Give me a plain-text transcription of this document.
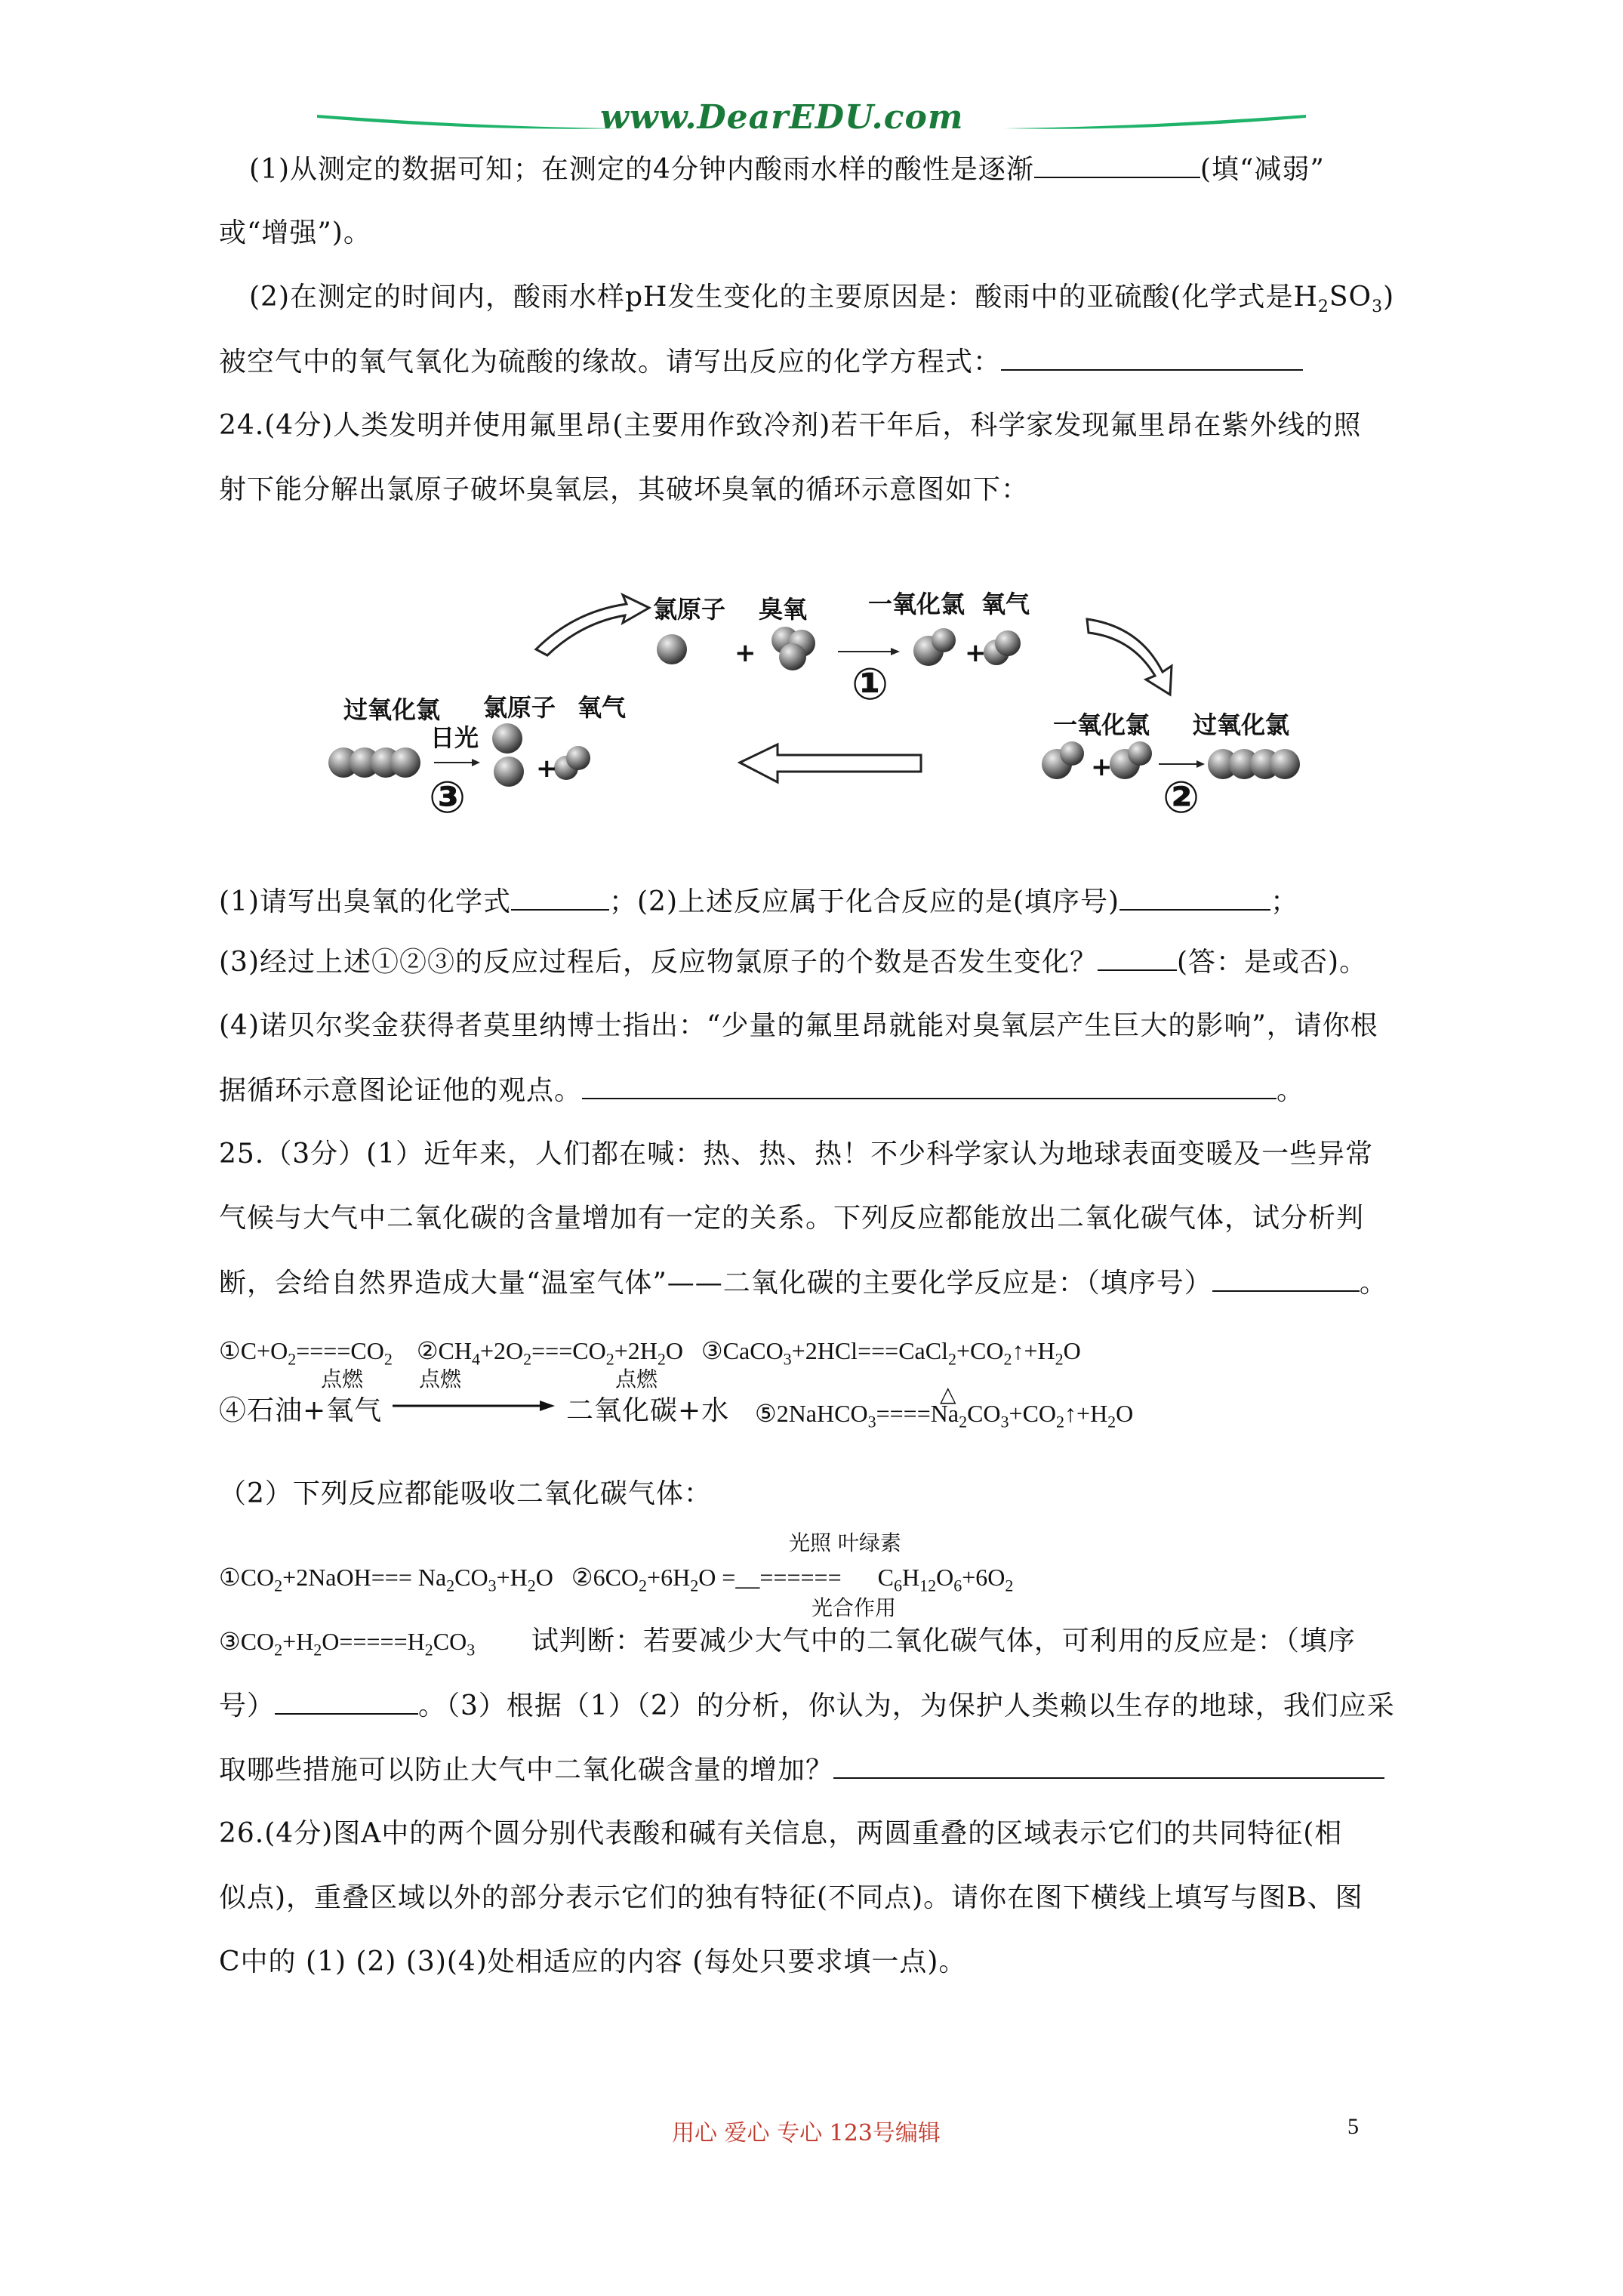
www.DearEDU.com
(1)从测定的数据可知；在测定的4分钟内酸雨水样的酸性是逐渐	(填“减弱”
或“增强”)。
(2)在测定的时间内，酸雨水样pH发生变化的主要原因是：酸雨中的亚硫酸(化学式是$H_2SO_3$)
被空气中的氧气氧化为硫酸的缘故。请写出反应的化学方程式：
24.(4分)人类发明并使用氟里昂(主要用作致冷剂)若干年后，科学家发现氟里昂在紫外线的照
射下能分解出氯原子破坏臭氧层，其破坏臭氧的循环示意图如下：
氯原子 臭氧	一氧化氯 氧气
+	+
①
过氧化氯 氯原子 氧气
日光
+
③
一氧化氯 过氧化氯
+
②
(1)请写出臭氧的化学式	；(2)上述反应属于化合反应的是(填序号)	；
(3)经过上述①②③的反应过程后，反应物氯原子的个数是否发生变化？	(答：是或否)。
(4)诺贝尔奖金获得者莫里纳博士指出：“少量的氟里昂就能对臭氧层产生巨大的影响”，请你根
据循环示意图论证他的观点。	。
25.（3分）(1）近年来，人们都在喊：热、热、热！不少科学家认为地球表面变暖及一些异常
气候与大气中二氧化碳的含量增加有一定的关系。下列反应都能放出二氧化碳气体，试分析判
断，会给自然界造成大量“温室气体”——二氧化碳的主要化学反应是：（填序号）	。
$①C+O_2====CO_2$ $②CH_4+2O_2===CO_2+2H_2O$ $③CaCO_3+2HCl===CaCl_2+CO_2↑+H_2O$
点燃	点燃	点燃
④石油+氧气	二氧化碳+水 $⑤2NaHCO_3====Na_2CO_3+CO_2↑+H_2O$
△
（2）下列反应都能吸收二氧化碳气体：
光照 叶绿素
$①CO_2+2NaOH=== Na_2CO_3+H_2O$ $②6CO_2+6H_2O$ =__====== $C_6H_{12}O_6+6O_2$
光合作用
$③CO_2+H_2O=====H_2CO_3$ 试判断：若要减少大气中的二氧化碳气体，可利用的反应是：（填序
号）	。（3）根据（1）（2）的分析，你认为，为保护人类赖以生存的地球，我们应采
取哪些措施可以防止大气中二氧化碳含量的增加？
26.(4分)图A中的两个圆分别代表酸和碱有关信息，两圆重叠的区域表示它们的共同特征(相
似点)，重叠区域以外的部分表示它们的独有特征(不同点)。请你在图下横线上填写与图B、图
C中的 (1) (2) (3)(4)处相适应的内容 (每处只要求填一点)。
用心 爱心 专心 123号编辑	5
